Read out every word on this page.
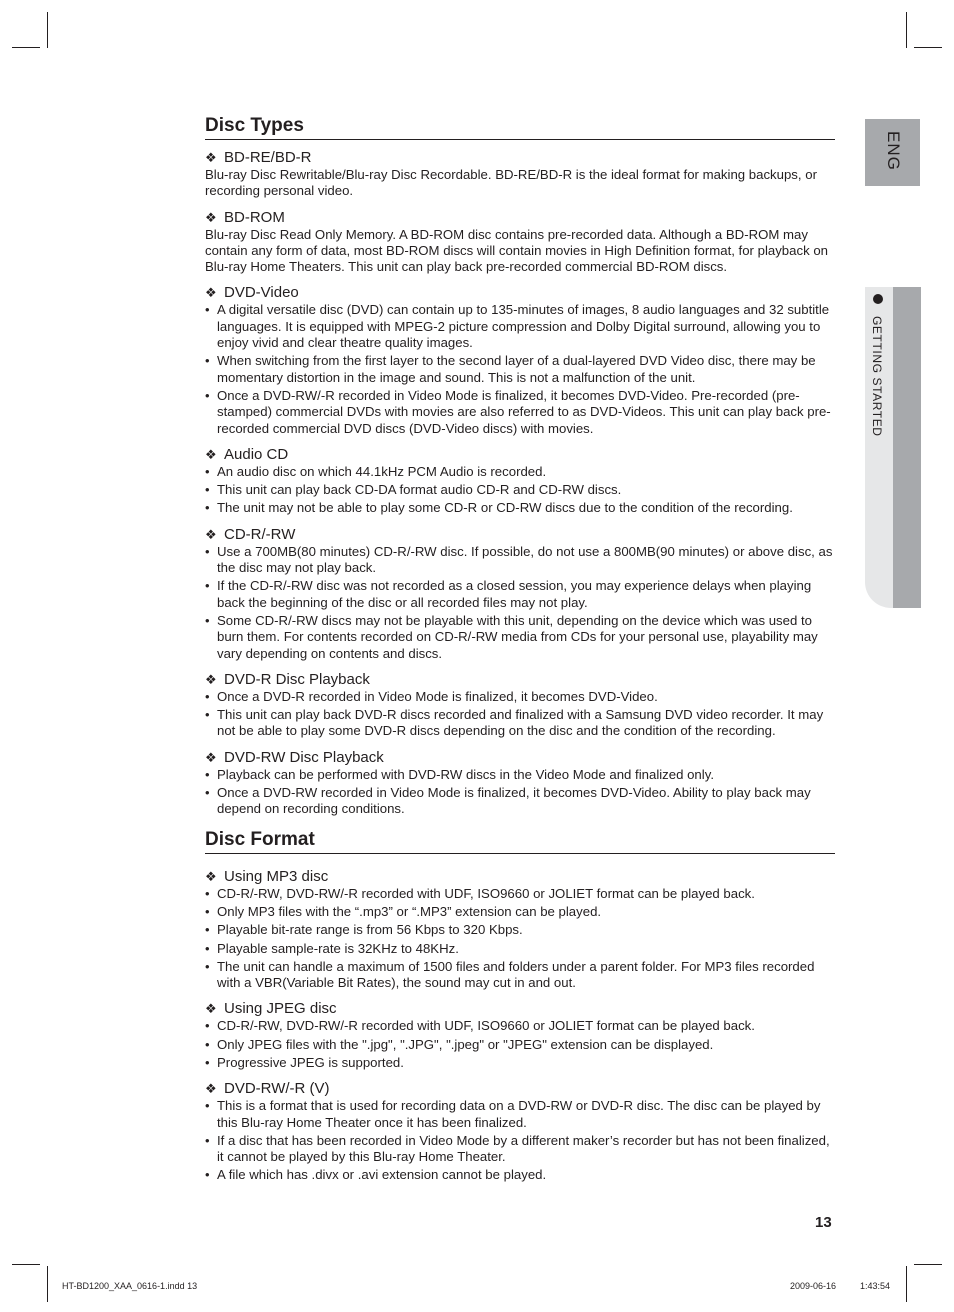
ENG
GETTING STARTED
Disc Types
❖ BD-RE/BD-R

Blu-ray Disc Rewritable/Blu-ray Disc Recordable. BD-RE/BD-R is the ideal format for making backups, or recording personal video.

❖ BD-ROM

Blu-ray Disc Read Only Memory. A BD-ROM disc contains pre-recorded data. Although a BD-ROM may contain any form of data, most BD-ROM discs will contain movies in High Definition format, for playback on Blu-ray Home Theaters. This unit can play back pre-recorded commercial BD-ROM discs.

❖ DVD-Video
• A digital versatile disc (DVD) can contain up to 135-minutes of images, 8 audio languages and 32 subtitle languages. It is equipped with MPEG-2 picture compression and Dolby Digital surround, allowing you to enjoy vivid and clear theatre quality images.
• When switching from the first layer to the second layer of a dual-layered DVD Video disc, there may be momentary distortion in the image and sound. This is not a malfunction of the unit.
• Once a DVD-RW/-R recorded in Video Mode is finalized, it becomes DVD-Video. Pre-recorded (pre-stamped) commercial DVDs with movies are also referred to as DVD-Videos. This unit can play back pre-recorded commercial DVD discs (DVD-Video discs) with movies.
❖ Audio CD
• An audio disc on which 44.1kHz PCM Audio is recorded.
• This unit can play back CD-DA format audio CD-R and CD-RW discs.
• The unit may not be able to play some CD-R or CD-RW discs due to the condition of the recording.
❖ CD-R/-RW
• Use a 700MB(80 minutes) CD-R/-RW disc. If possible, do not use a 800MB(90 minutes) or above disc, as the disc may not play back.
• If the CD-R/-RW disc was not recorded as a closed session, you may experience delays when playing back the beginning of the disc or all recorded files may not play.
• Some CD-R/-RW discs may not be playable with this unit, depending on the device which was used to burn them. For contents recorded on CD-R/-RW media from CDs for your personal use, playability may vary depending on contents and discs.
❖ DVD-R Disc Playback
• Once a DVD-R recorded in Video Mode is finalized, it becomes DVD-Video.
• This unit can play back DVD-R discs recorded and finalized with a Samsung DVD video recorder. It may not be able to play some DVD-R discs depending on the disc and the condition of the recording.
❖ DVD-RW Disc Playback
• Playback can be performed with DVD-RW discs in the Video Mode and finalized only.
• Once a DVD-RW recorded in Video Mode is finalized, it becomes DVD-Video. Ability to play back may depend on recording conditions.
Disc Format
❖ Using MP3 disc
• CD-R/-RW, DVD-RW/-R recorded with UDF, ISO9660 or JOLIET format can be played back.
• Only MP3 files with the “.mp3” or “.MP3” extension can be played.
• Playable bit-rate range is from 56 Kbps to 320 Kbps.
• Playable sample-rate is 32KHz to 48KHz.
• The unit can handle a maximum of 1500 files and folders under a parent folder. For MP3 files recorded with a VBR(Variable Bit Rates), the sound may cut in and out.
❖ Using JPEG disc
• CD-R/-RW, DVD-RW/-R recorded with UDF, ISO9660 or JOLIET format can be played back.
• Only JPEG files with the ".jpg", ".JPG", ".jpeg" or "JPEG" extension can be displayed.
• Progressive JPEG is supported.
❖ DVD-RW/-R (V)
• This is a format that is used for recording data on a DVD-RW or DVD-R disc. The disc can be played by this Blu-ray Home Theater once it has been finalized.
• If a disc that has been recorded in Video Mode by a different maker’s recorder but has not been finalized, it cannot be played by this Blu-ray Home Theater.
• A file which has .divx or .avi extension cannot be played.
13
HT-BD1200_XAA_0616-1.indd 13	2009-06-16	1:43:54
